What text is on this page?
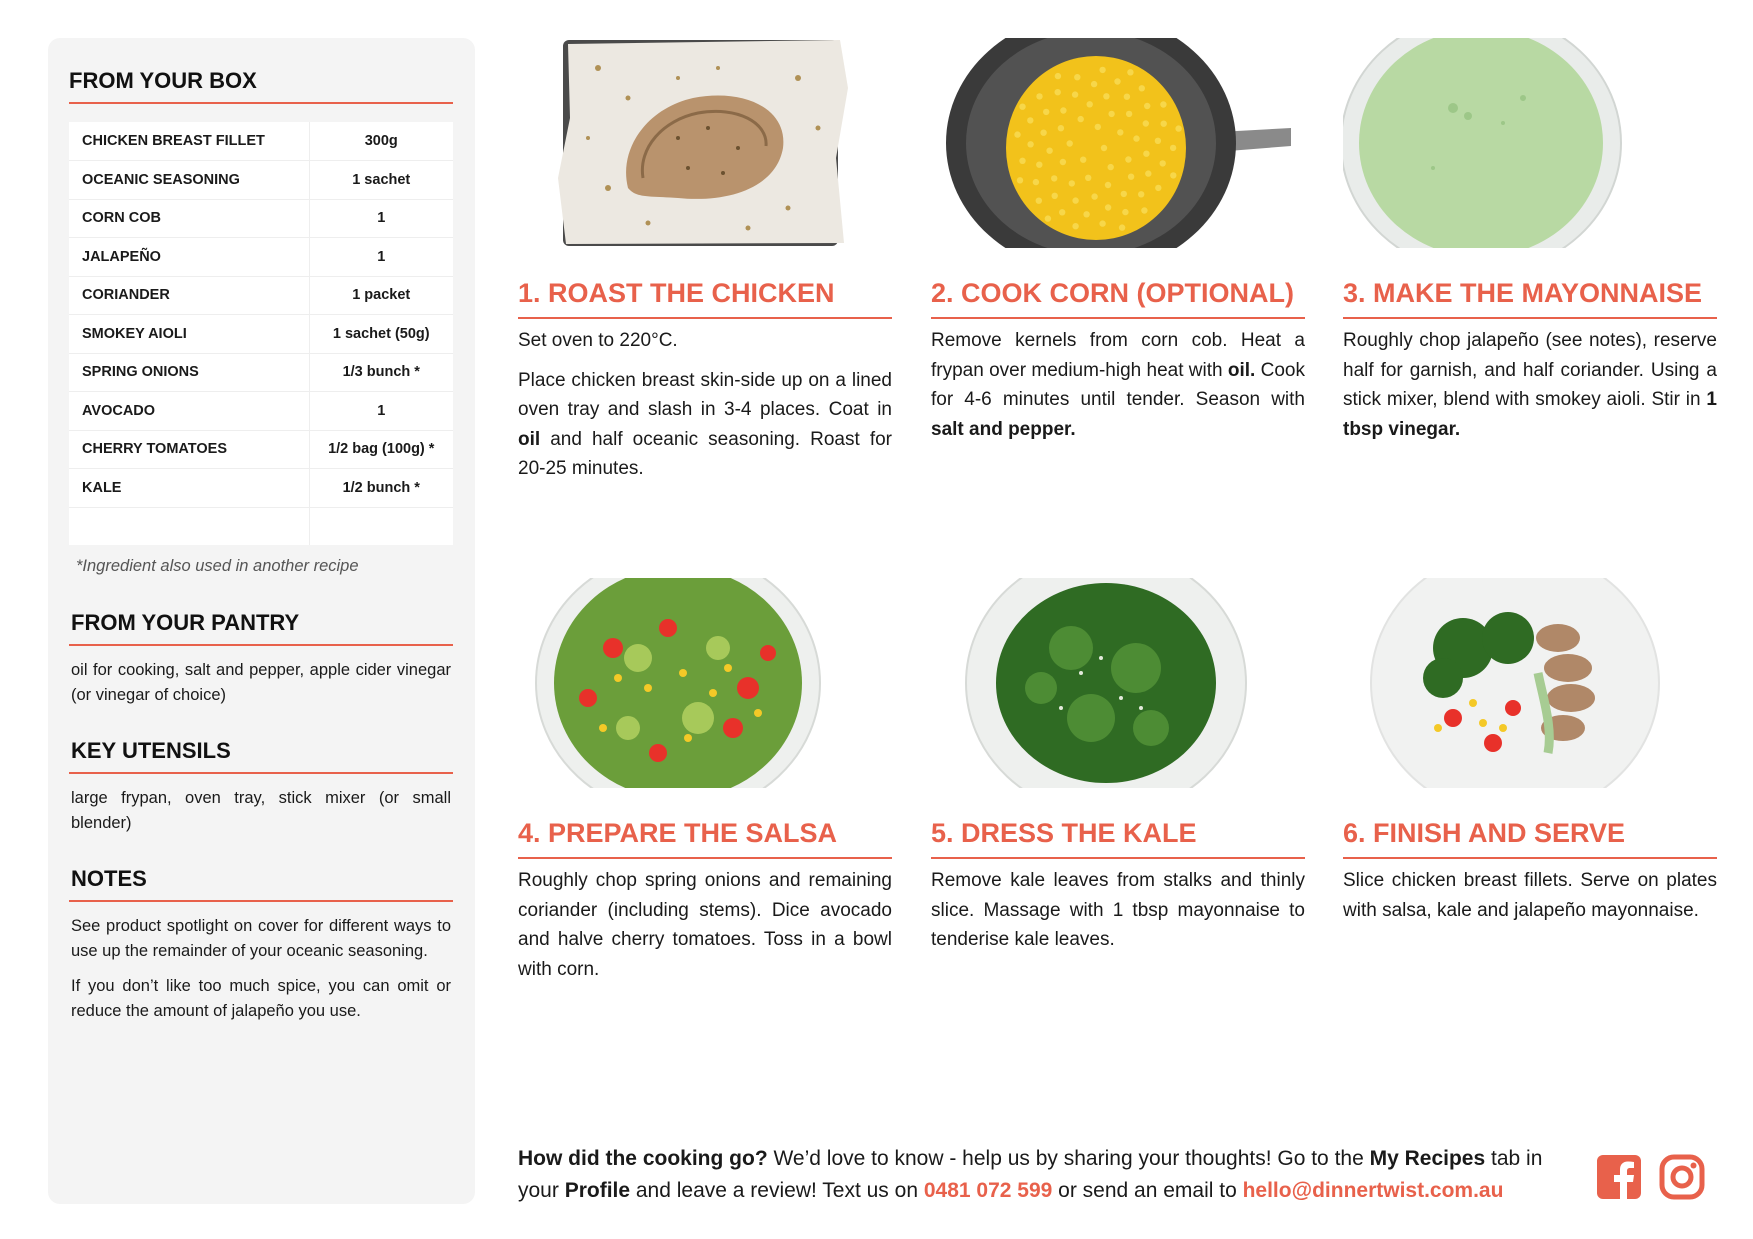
FROM YOUR BOX
CHICKEN BREAST FILLET	300g
OCEANIC SEASONING	1 sachet
CORN COB	1
JALAPEÑO	1
CORIANDER	1 packet
SMOKEY AIOLI	1 sachet (50g)
SPRING ONIONS	1/3 bunch *
AVOCADO	1
CHERRY TOMATOES	1/2 bag (100g) *
KALE	1/2 bunch *

*Ingredient also used in another recipe
FROM YOUR PANTRY

oil for cooking, salt and pepper, apple cider vinegar (or vinegar of choice)

KEY UTENSILS

large frypan, oven tray, stick mixer (or small blender)

NOTES

See product spotlight on cover for different ways to use up the remainder of your oceanic seasoning.

If you don’t like too much spice, you can omit or reduce the amount of jalapeño you use.

1. ROAST THE CHICKEN

Set oven to 220°C.

Place chicken breast skin-side up on a lined oven tray and slash in 3-4 places. Coat in oil and half oceanic seasoning. Roast for 20-25 minutes.

2. COOK CORN (OPTIONAL)

Remove kernels from corn cob. Heat a frypan over medium-high heat with oil. Cook for 4-6 minutes until tender. Season with salt and pepper.

3. MAKE THE MAYONNAISE

Roughly chop jalapeño (see notes), reserve half for garnish, and half coriander. Using a stick mixer, blend with smokey aioli. Stir in 1 tbsp vinegar.

4. PREPARE THE SALSA
Roughly chop spring onions and remaining coriander (including stems). Dice avocado and halve cherry tomatoes. Toss in a bowl with corn.
5. DRESS THE KALE
Remove kale leaves from stalks and thinly slice. Massage with 1 tbsp mayonnaise to tenderise kale leaves.
6. FINISH AND SERVE
Slice chicken breast fillets. Serve on plates with salsa, kale and jalapeño mayonnaise.
How did the cooking go? We’d love to know - help us by sharing your thoughts! Go to the My Recipes tab in your Profile and leave a review! Text us on 0481 072 599 or send an email to hello@dinnertwist.com.au
